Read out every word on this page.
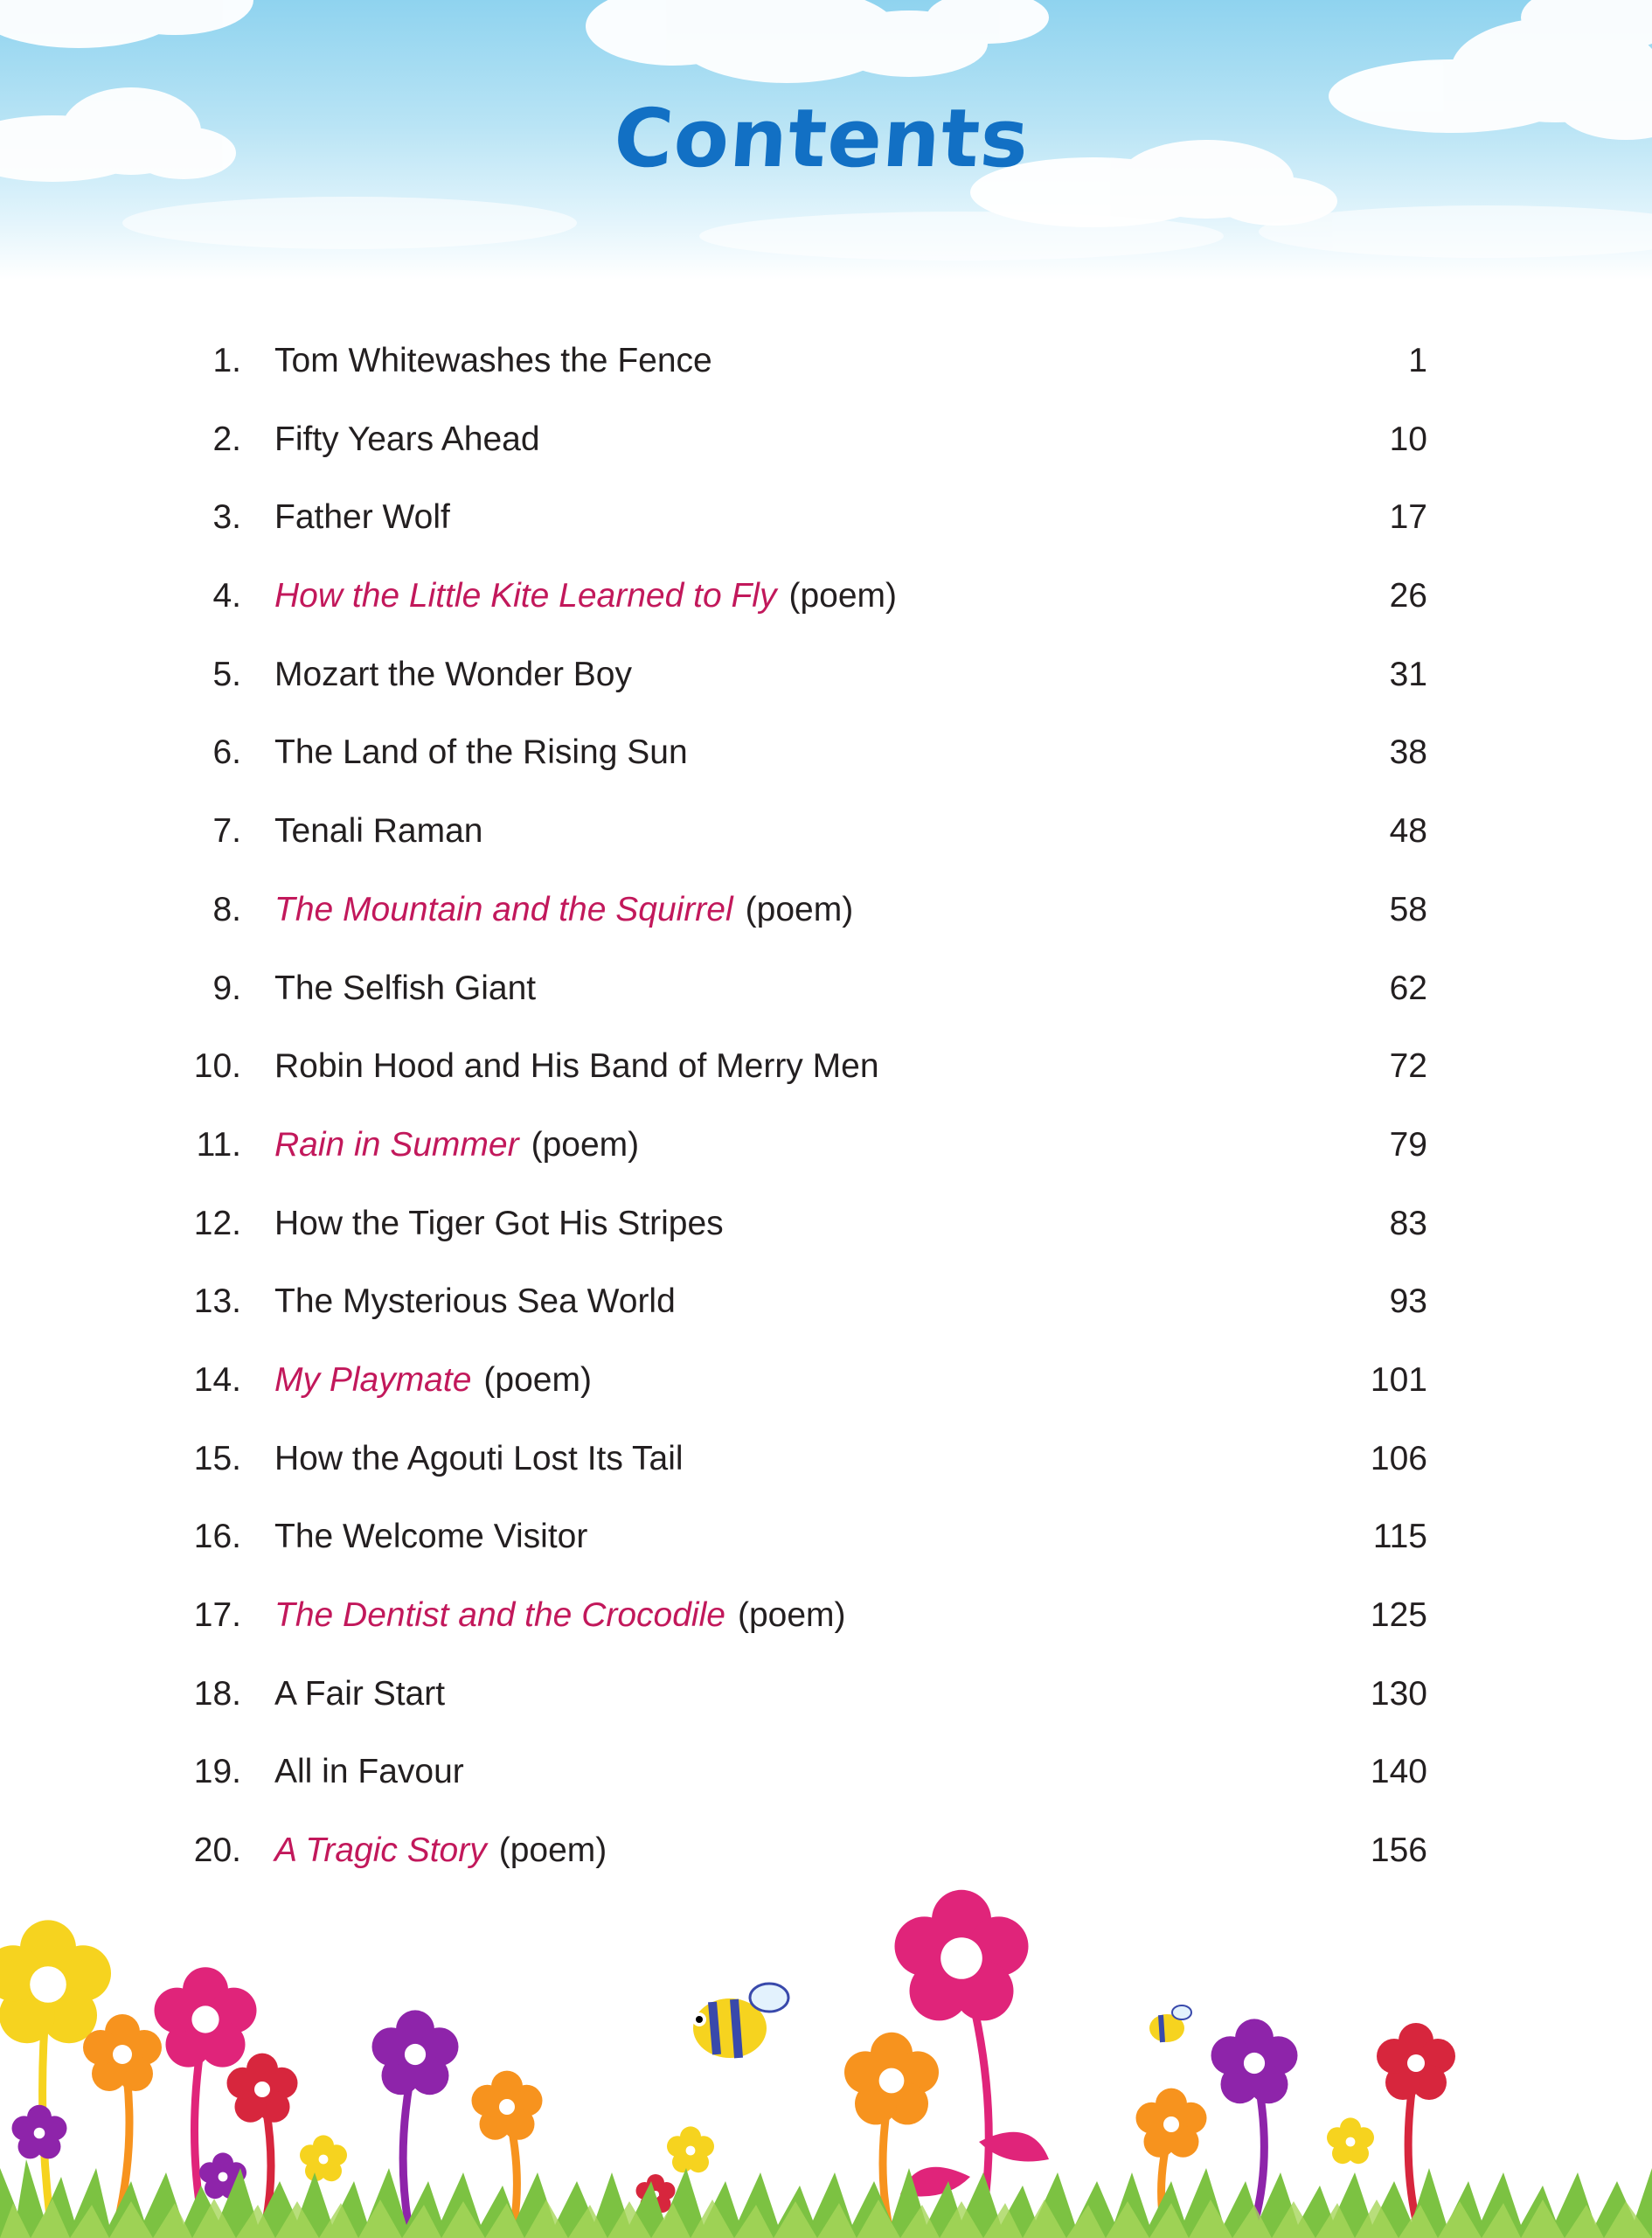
Contents
1. Tom Whitewashes the Fence	1
2. Fifty Years Ahead	10
3. Father Wolf	17
4. How the Little Kite Learned to Fly (poem)	26
5. Mozart the Wonder Boy	31
6. The Land of the Rising Sun	38
7. Tenali Raman	48
8. The Mountain and the Squirrel (poem)	58
9. The Selfish Giant	62
10. Robin Hood and His Band of Merry Men	72
11. Rain in Summer (poem)	79
12. How the Tiger Got His Stripes	83
13. The Mysterious Sea World	93
14. My Playmate (poem)	101
15. How the Agouti Lost Its Tail	106
16. The Welcome Visitor	115
17. The Dentist and the Crocodile (poem)	125
18. A Fair Start	130
19. All in Favour	140
20. A Tragic Story (poem)	156
